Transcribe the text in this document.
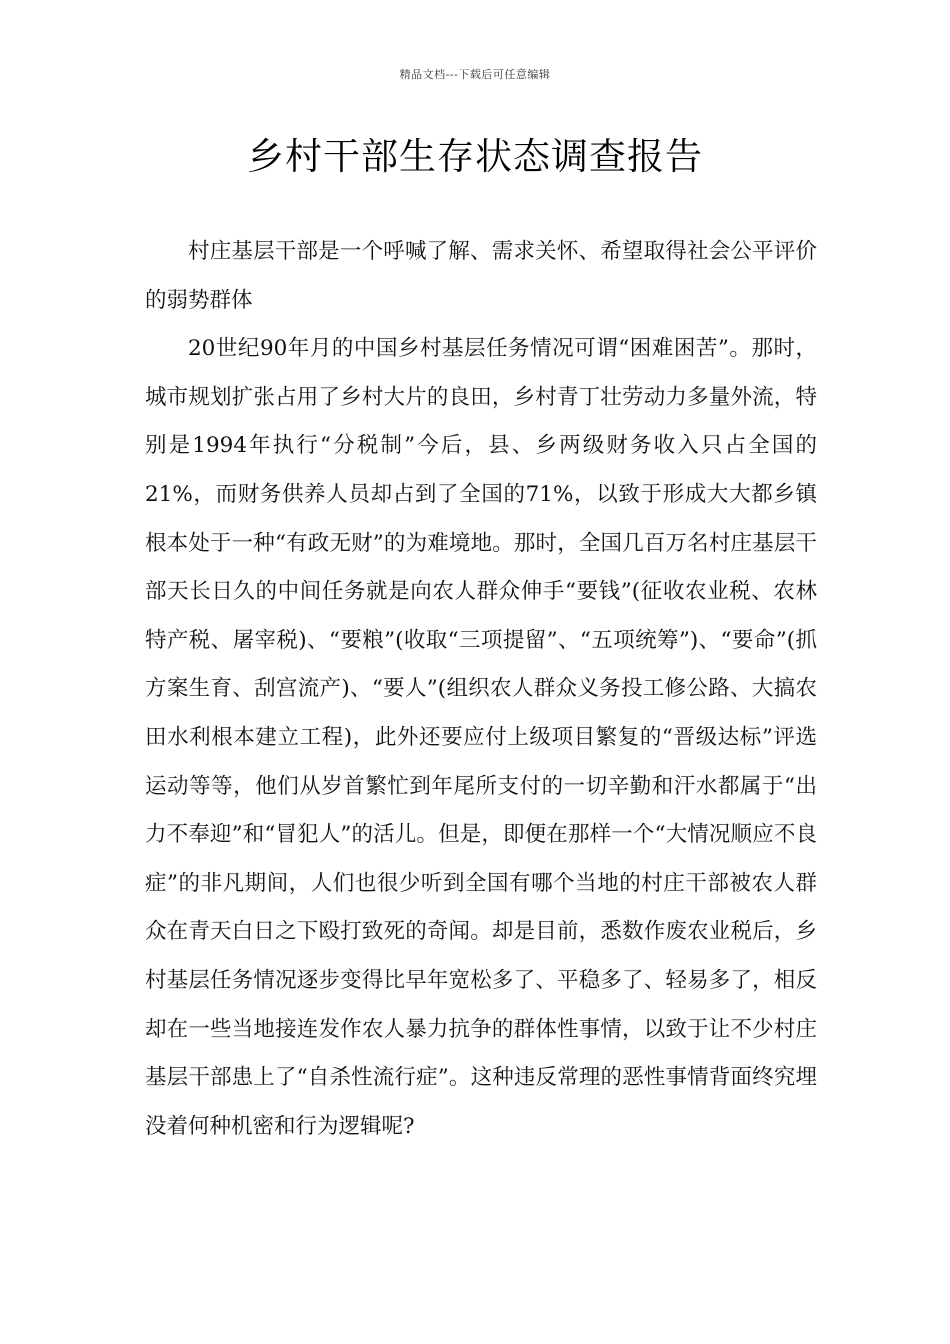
精品文档---下载后可任意编辑
乡村干部生存状态调查报告

村庄基层干部是一个呼喊了解、需求关怀、希望取得社会公平评价的弱势群体

20世纪90年月的中国乡村基层任务情况可谓“困难困苦”。那时，城市规划扩张占用了乡村大片的良田，乡村青丁壮劳动力多量外流，特别是1994年执行“分税制”今后，县、乡两级财务收入只占全国的21%，而财务供养人员却占到了全国的71%，以致于形成大大都乡镇根本处于一种“有政无财”的为难境地。那时，全国几百万名村庄基层干部天长日久的中间任务就是向农人群众伸手“要钱”(征收农业税、农林特产税、屠宰税)、“要粮”(收取“三项提留”、“五项统筹”)、“要命”(抓方案生育、刮宫流产)、“要人”(组织农人群众义务投工修公路、大搞农田水利根本建立工程)，此外还要应付上级项目繁复的“晋级达标”评选运动等等，他们从岁首繁忙到年尾所支付的一切辛勤和汗水都属于“出力不奉迎”和“冒犯人”的活儿。但是，即便在那样一个“大情况顺应不良症”的非凡期间，人们也很少听到全国有哪个当地的村庄干部被农人群众在青天白日之下殴打致死的奇闻。却是目前，悉数作废农业税后，乡村基层任务情况逐步变得比早年宽松多了、平稳多了、轻易多了，相反却在一些当地接连发作农人暴力抗争的群体性事情，以致于让不少村庄基层干部患上了“自杀性流行症”。这种违反常理的恶性事情背面终究埋没着何种机密和行为逻辑呢?
